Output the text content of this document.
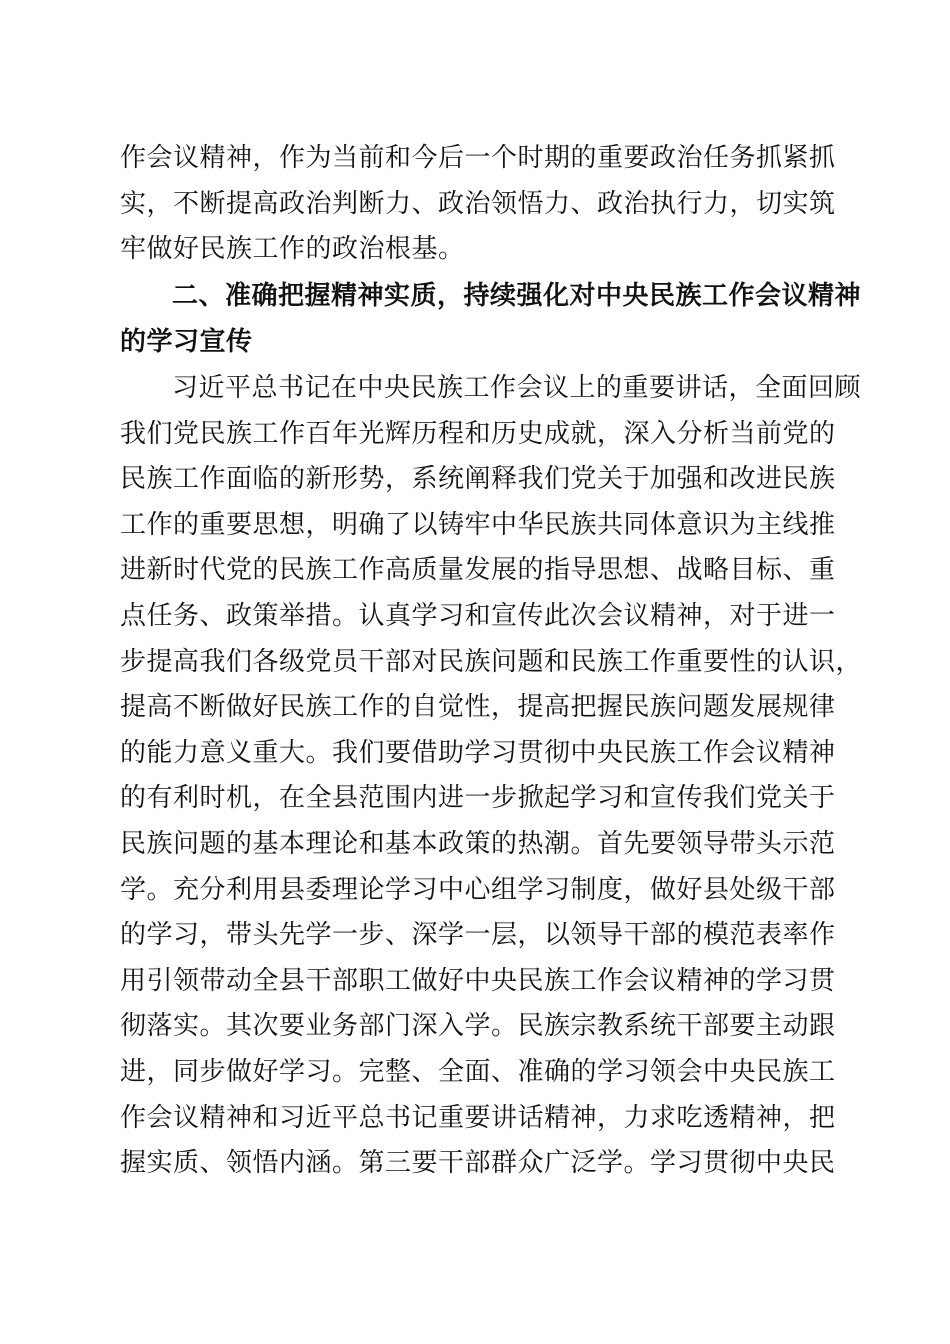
作会议精神，作为当前和今后一个时期的重要政治任务抓紧抓
实，不断提高政治判断力、政治领悟力、政治执行力，切实筑
牢做好民族工作的政治根基。
二、准确把握精神实质，持续强化对中央民族工作会议精神
的学习宣传
习近平总书记在中央民族工作会议上的重要讲话，全面回顾
我们党民族工作百年光辉历程和历史成就，深入分析当前党的
民族工作面临的新形势，系统阐释我们党关于加强和改进民族
工作的重要思想，明确了以铸牢中华民族共同体意识为主线推
进新时代党的民族工作高质量发展的指导思想、战略目标、重
点任务、政策举措。认真学习和宣传此次会议精神，对于进一
步提高我们各级党员干部对民族问题和民族工作重要性的认识，
提高不断做好民族工作的自觉性，提高把握民族问题发展规律
的能力意义重大。我们要借助学习贯彻中央民族工作会议精神
的有利时机，在全县范围内进一步掀起学习和宣传我们党关于
民族问题的基本理论和基本政策的热潮。首先要领导带头示范
学。充分利用县委理论学习中心组学习制度，做好县处级干部
的学习，带头先学一步、深学一层，以领导干部的模范表率作
用引领带动全县干部职工做好中央民族工作会议精神的学习贯
彻落实。其次要业务部门深入学。民族宗教系统干部要主动跟
进，同步做好学习。完整、全面、准确的学习领会中央民族工
作会议精神和习近平总书记重要讲话精神，力求吃透精神，把
握实质、领悟内涵。第三要干部群众广泛学。学习贯彻中央民
